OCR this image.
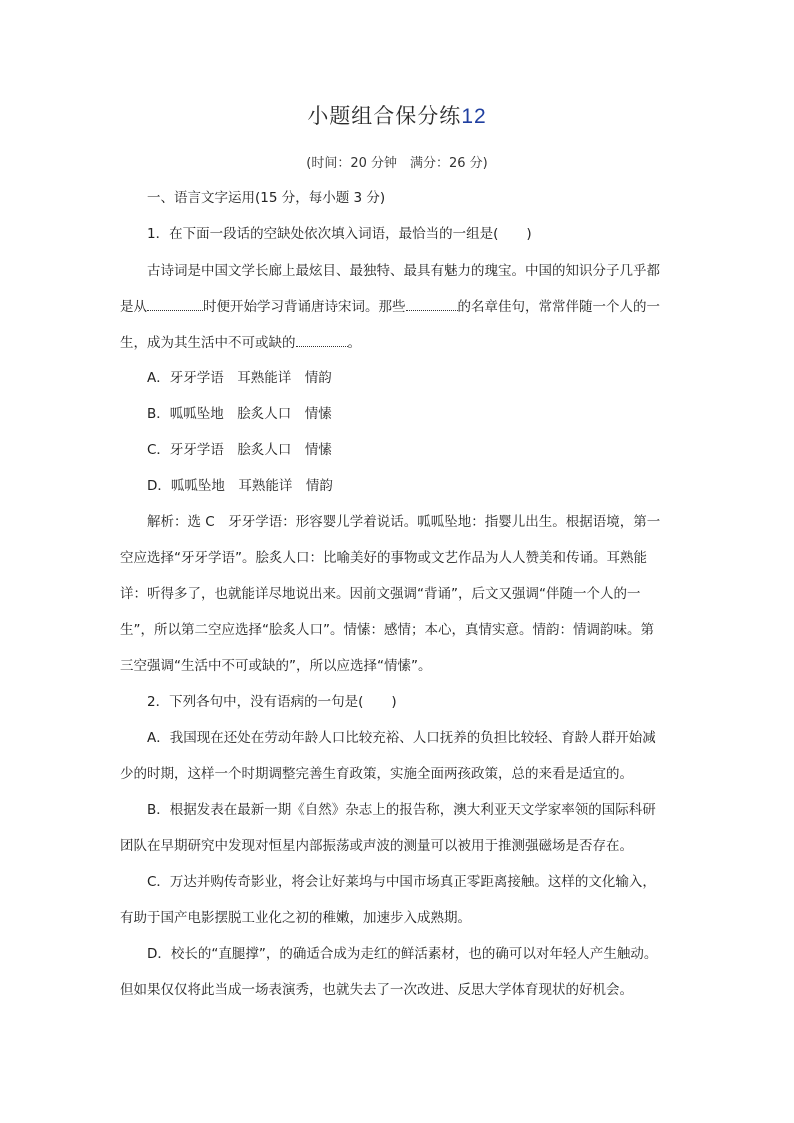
小题组合保分练12
(时间：20 分钟　满分：26 分)
一、语言文字运用(15 分，每小题 3 分)
1．在下面一段话的空缺处依次填入词语，最恰当的一组是( )
古诗词是中国文学长廊上最炫目、最独特、最具有魅力的瑰宝。中国的知识分子几乎都
是从	时便开始学习背诵唐诗宋词。那些	的名章佳句，常常伴随一个人的一
生，成为其生活中不可或缺的	。
A．牙牙学语　耳熟能详　情韵
B．呱呱坠地　脍炙人口　情愫
C．牙牙学语　脍炙人口　情愫
D．呱呱坠地　耳熟能详　情韵
解析：选 C　牙牙学语：形容婴儿学着说话。呱呱坠地：指婴儿出生。根据语境，第一
空应选择“牙牙学语”。脍炙人口：比喻美好的事物或文艺作品为人人赞美和传诵。耳熟能
详：听得多了，也就能详尽地说出来。因前文强调“背诵”，后文又强调“伴随一个人的一
生”，所以第二空应选择“脍炙人口”。情愫：感情；本心，真情实意。情韵：情调韵味。第
三空强调“生活中不可或缺的”，所以应选择“情愫”。
2．下列各句中，没有语病的一句是( )
A．我国现在还处在劳动年龄人口比较充裕、人口抚养的负担比较轻、育龄人群开始减
少的时期，这样一个时期调整完善生育政策，实施全面两孩政策，总的来看是适宜的。
B．根据发表在最新一期《自然》杂志上的报告称，澳大利亚天文学家率领的国际科研
团队在早期研究中发现对恒星内部振荡或声波的测量可以被用于推测强磁场是否存在。
C．万达并购传奇影业，将会让好莱坞与中国市场真正零距离接触。这样的文化输入，
有助于国产电影摆脱工业化之初的稚嫩，加速步入成熟期。
D．校长的“直腿撑”，的确适合成为走红的鲜活素材，也的确可以对年轻人产生触动。
但如果仅仅将此当成一场表演秀，也就失去了一次改进、反思大学体育现状的好机会。
